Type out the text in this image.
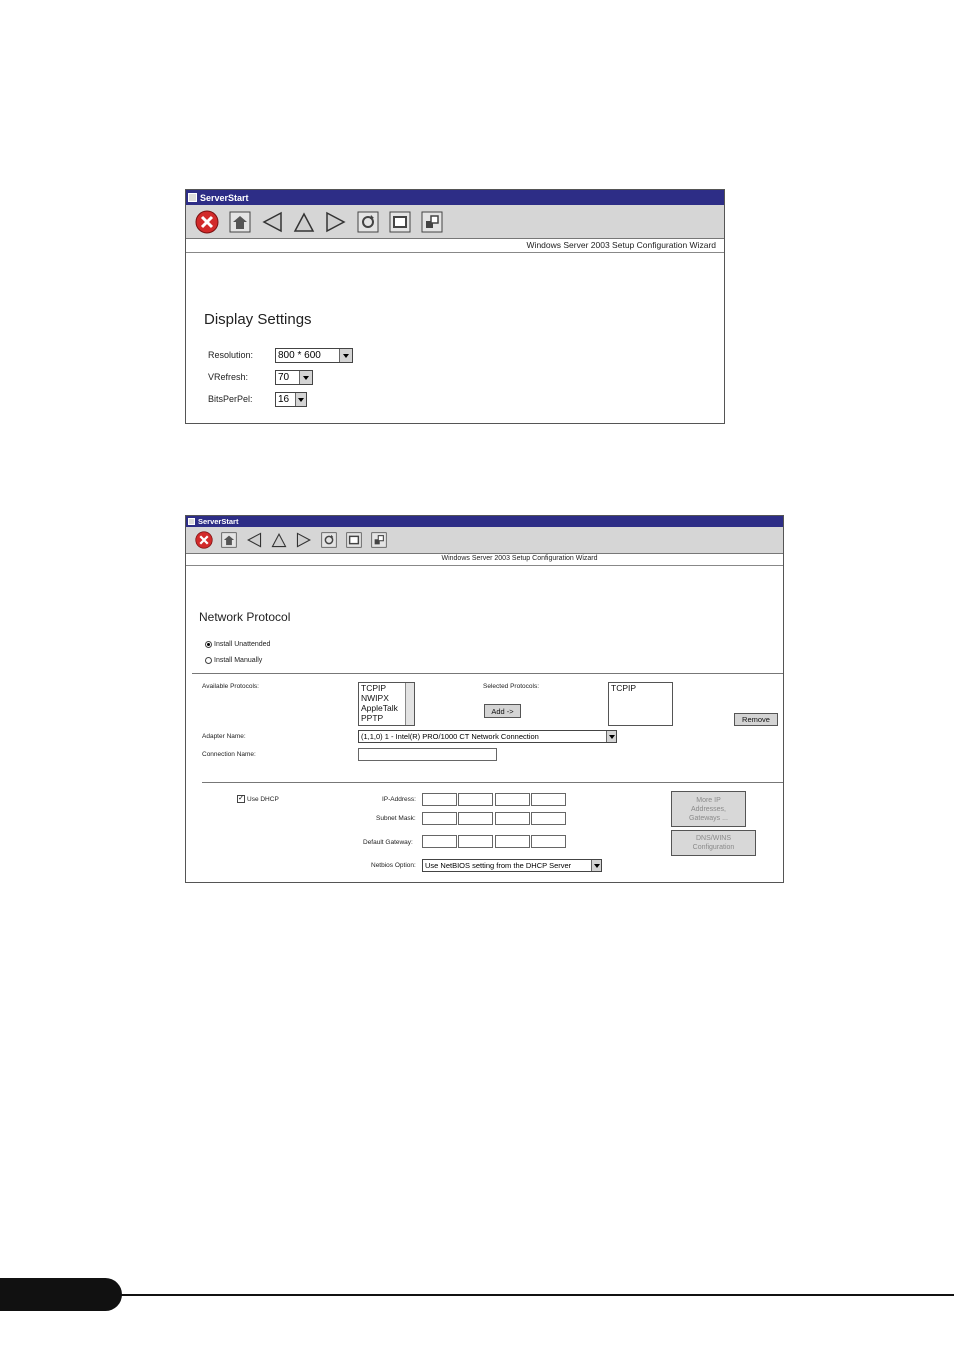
ServerStart
Windows Server 2003 Setup Configuration Wizard
Display Settings
Resolution: 800 * 600
VRefresh:	70
BitsPerPel:	16
ServerStart
Windows Server 2003 Setup Configuration Wizard
Network Protocol
Install Unattended
Install Manually
Available Protocols:	TCPIP
NWIPX
AppleTalk
PPTP
Selected Protocols:
Add ->
TCPIP
Remove
Adapter Name:	(1,1,0) 1 - Intel(R) PRO/1000 CT Network Connection
Connection Name:
✓ Use DHCP	IP-Address:
Subnet Mask:
Default Gateway:
Netbios Option: Use NetBIOS setting from the DHCP Server
More IP Addresses, Gateways ...
DNS/WINS Configuration
